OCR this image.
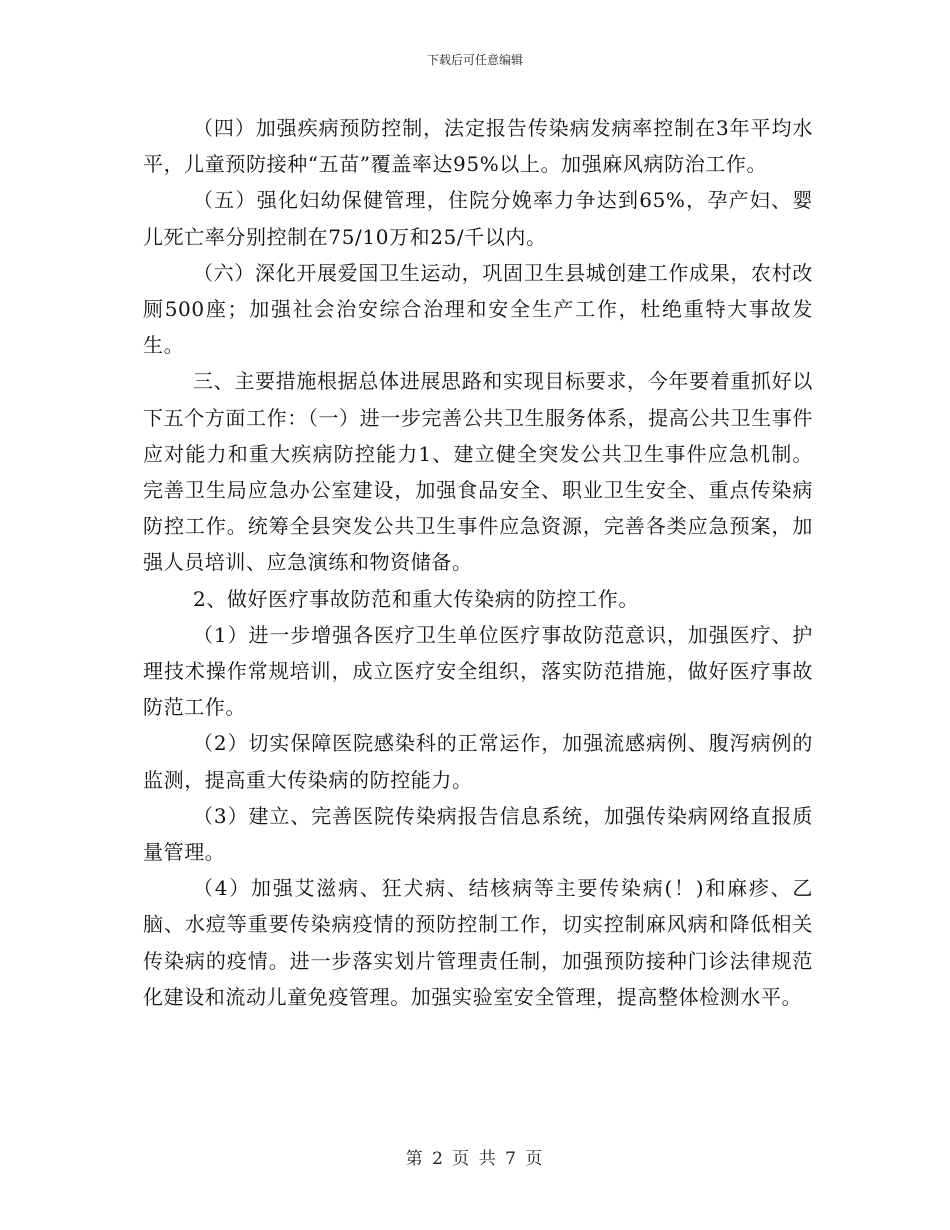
下载后可任意编辑

（四）加强疾病预防控制，法定报告传染病发病率控制在3年平均水平，儿童预防接种“五苗”覆盖率达95%以上。加强麻风病防治工作。

（五）强化妇幼保健管理，住院分娩率力争达到65%，孕产妇、婴儿死亡率分别控制在75/10万和25/千以内。

（六）深化开展爱国卫生运动，巩固卫生县城创建工作成果，农村改厕500座；加强社会治安综合治理和安全生产工作，杜绝重特大事故发生。

三、主要措施根据总体进展思路和实现目标要求，今年要着重抓好以下五个方面工作：（一）进一步完善公共卫生服务体系，提高公共卫生事件应对能力和重大疾病防控能力1、建立健全突发公共卫生事件应急机制。完善卫生局应急办公室建设，加强食品安全、职业卫生安全、重点传染病防控工作。统筹全县突发公共卫生事件应急资源，完善各类应急预案，加强人员培训、应急演练和物资储备。

2、做好医疗事故防范和重大传染病的防控工作。

（1）进一步增强各医疗卫生单位医疗事故防范意识，加强医疗、护理技术操作常规培训，成立医疗安全组织，落实防范措施，做好医疗事故防范工作。

（2）切实保障医院感染科的正常运作，加强流感病例、腹泻病例的监测，提高重大传染病的防控能力。

（3）建立、完善医院传染病报告信息系统，加强传染病网络直报质量管理。

（4）加强艾滋病、狂犬病、结核病等主要传染病(！)和麻疹、乙脑、水痘等重要传染病疫情的预防控制工作，切实控制麻风病和降低相关传染病的疫情。进一步落实划片管理责任制，加强预防接种门诊法律规范化建设和流动儿童免疫管理。加强实验室安全管理，提高整体检测水平。

第 2 页 共 7 页
